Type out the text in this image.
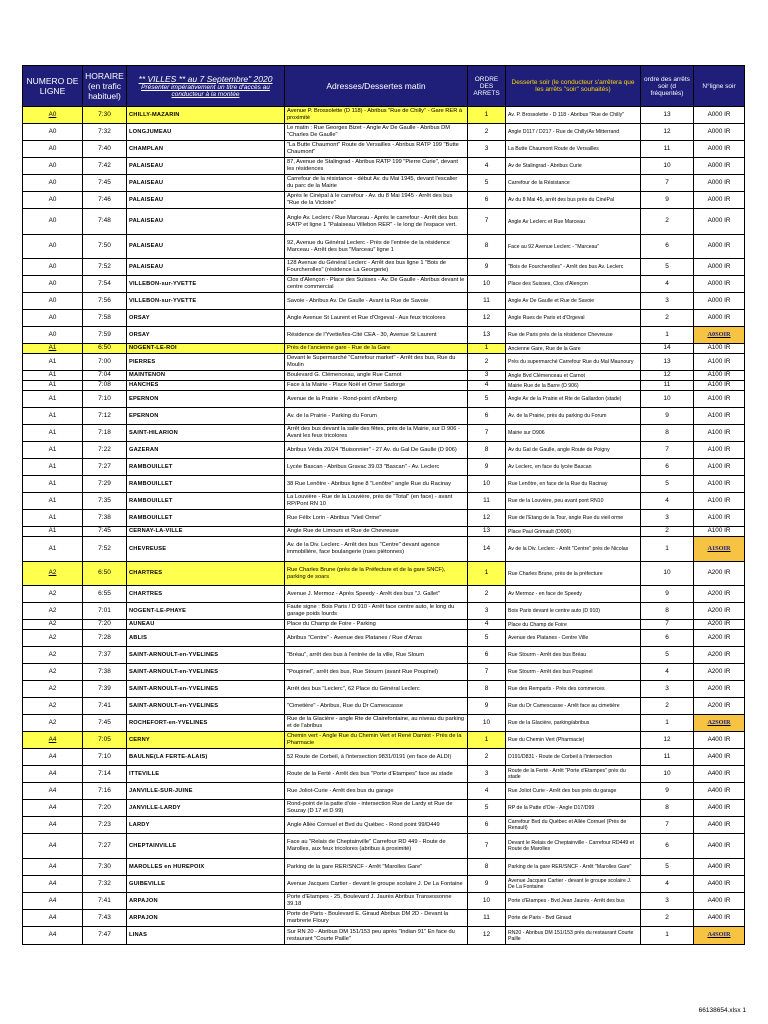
NUMERO DE LIGNE	HORAIRE (en trafic habituel)	** VILLES ** au 7 Septembre" 2020
Présenter impérativement un titre d'accès au conducteur à la montée	Adresses/Dessertes matin	ORDRE DES ARRETS	Desserte soir (le conducteur s'arrêtera que les arrêts "soir" souhaités)	ordre des arrêts soir (d fréquentés)	N°ligne soir
A0	7:30	CHILLY-MAZARIN	Avenue P. Brossolette (D 118) - Abribus "Rue de Chilly" - Gare RER à proximité	1	Av. P. Brossolette - D 118 - Abribus "Rue de Chilly"	13	A000 IR
A0	7:32	LONGJUMEAU	Le matin : Rue Georges Bizet - Angle Av De Gaulle - Abribus DM "Charles De Gaulle"	2	Angle D117 / D217 - Rue de Chilly/Av Mitterrand	12	A000 IR
A0	7:40	CHAMPLAN	"La Butte Chaumont" Route de Versailles - Abribus RATP 199 "Butte Chaumont"	3	La Butte Chaumont Route de Versailles	11	A000 IR
A0	7:42	PALAISEAU	87, Avenue de Stalingrad - Abribus RATP 199 "Pierre Curie", devant les résidences	4	Av de Stalingrad - Abribus Curie	10	A000 IR
A0	7:45	PALAISEAU	Carrefour de la résistance - début Av. du Mai 1945, devant l'escalier du parc de la Mairie	5	Carrefour de la Résistance	7	A000 IR
A0	7:46	PALAISEAU	Après le Cinépal à le carrefour - Av. du 8 Mai 1945 - Arrêt des bus "Rue de la Victoire"	6	Av du 8 Mai 45, arrêt des bus près du CinéPal	9	A000 IR
A0	7:48	PALAISEAU	Angle Av. Leclerc / Rue Marceau - Après le carrefour - Arrêt des bus RATP et ligne 1 "Palaiseau Villebon RER" - le long de l'espace vert.	7	Angle Av Leclerc et Rue Marceau	2	A000 IR
A0	7:50	PALAISEAU	92, Avenue du Général Leclerc - Près de l'entrée de la résidence Marceau - Arrêt des bus "Marceau" ligne 1	8	Face au 92 Avenue Leclerc - "Marceau"	6	A000 IR
A0	7:52	PALAISEAU	128 Avenue du Général Leclerc - Arrêt des bus ligne 1 "Bois de Fourcherolles" (résidence La Georgerie)	9	"Bois de Fourcherolles" - Arrêt des bus Av. Leclerc	5	A000 IR
A0	7:54	VILLEBON-sur-YVETTE	Clos d'Alençon - Place des Suisses - Av. De Gaulle - Abribus devant le centre commercial	10	Place des Suisses, Clos d'Alençon	4	A000 IR
A0	7:56	VILLEBON-sur-YVETTE	Savoie - Abribus Av. De Gaulle - Avant la Rue de Savoie	11	Angle Av De Gaulle et Rue de Savoie	3	A000 IR
A0	7:58	ORSAY	Angle Avenue St Laurent et Rue d'Orgeval - Aux feux tricolores	12	Angle Rues de Paris et d'Orgeval	2	A000 IR
A0	7:59	ORSAY	Résidence de l'Yvette/les-Cité CEA - 30, Avenue St Laurent	13	Rue de Paris près de la résidence Chevreuse	1	A0SOIR
A1	6:50	NOGENT-LE-ROI	Près de l'ancienne gare - Rue de la Gare	1	Ancienne Gare, Rue de la Gare	14	A100 IR
A1	7:00	PIERRES	Devant le Supermarché "Carrefour market" - Arrêt des bus, Rue du Moulin	2	Près du supermarché Carrefour Rue du Mal Maunoury	13	A100 IR
A1	7:04	MAINTENON	Boulevard G. Clémenceau, angle Rue Carnot	3	Angle Bvd Clémenceau et Carnot	12	A100 IR
A1	7:08	HANCHES	Face à la Mairie - Place Noël et Omer Sadorge	4	Mairie Rue de la Barre (D 906)	11	A100 IR
A1	7:10	EPERNON	Avenue de la Prairie - Rond-point d'Amberg	5	Angle Av de la Prairie et Rte de Gallardon (stade)	10	A100 IR
A1	7:12	EPERNON	Av. de la Prairie - Parking du Forum	6	Av. de la Prairie, près du parking du Forum	9	A100 IR
A1	7:18	SAINT-HILARION	Arrêt des bus devant la salle des fêtes, près de la Mairie, sur D 906 - Avant les feux tricolores	7	Mairie sur D906	8	A100 IR
A1	7:22	GAZERAN	Abribus Védia 20/24 "Buisonnier" - 27 Av. du Gal De Gaulle (D 906)	8	Av du Gal de Gaulle, angle Route de Poigny	7	A100 IR
A1	7:27	RAMBOUILLET	Lycée Bascan - Abribus Gravac 39.03 "Bascan" - Av. Leclerc	9	Av Leclerc, en face du lycée Bascan	6	A100 IR
A1	7:29	RAMBOUILLET	38 Rue Lenôtre - Abribus ligne 8 "Lenôtre" angle Rue du Racinay	10	Rue Lenôtre, en face de la Rue du Racinay	5	A100 IR
A1	7:35	RAMBOUILLET	La Louvière - Rue de la Louvière, près de "Total" (en face) - avant RP/Pont RN 10	11	Rue de la Louvière, peu avant pont RN10	4	A100 IR
A1	7:38	RAMBOUILLET	Rue Félix Lorin - Abribus "Vieil Orme"	12	Rue de l'Etang de la Tour, angle Rue du vieil orme	3	A100 IR
A1	7:45	CERNAY-LA-VILLE	Angle Rue de Limours et Rue de Chevreuse	13	Place Paul Grimault (D906)	2	A100 IR
A1	7:52	CHEVREUSE	Av. de la Div. Leclerc - Arrêt des bus "Centre" devant agence immobilière, face boulangerie (rues piétonnes)	14	Av de la Div. Leclerc - Arrêt "Centre" près de Nicolas	1	A1SOIR
A2	6:50	CHARTRES	Rue Charles Brune (près de la Préfecture et de la gare SNCF), parking de soars	1	Rue Charles Brune, près de la préfecture	10	A200 IR
A2	6:55	CHARTRES	Avenue J. Mermoz - Après Speedy - Arrêt des bus "J. Gallet"	2	Av Mermoz - en face de Speedy	9	A200 IR
A2	7:01	NOGENT-LE-PHAYE	Faute signe : Bois Paris / D 910 - Arrêt face centre auto, le long du garage poids lourds	3	Bois Paris devant le centre auto (D 910)	8	A200 IR
A2	7:20	AUNEAU	Place du Champ de Foire - Parking	4	Place du Champ de Foire	7	A200 IR
A2	7:28	ABLIS	Abribus "Centre" - Avenue des Platanes / Rue d'Arras	5	Avenue des Platanes - Centre Ville	6	A200 IR
A2	7:37	SAINT-ARNOULT-en-YVELINES	"Bréau", arrêt des bus à l'entrée de la ville, Rue Sloum	6	Rue Stourm - Arrêt des bus Bréau	5	A200 IR
A2	7:38	SAINT-ARNOULT-en-YVELINES	"Poupinel", arrêt des bus, Rue Stourm (avant Rue Poupinel)	7	Rue Stourm - Arrêt des bus Poupinel	4	A200 IR
A2	7:39	SAINT-ARNOULT-en-YVELINES	Arrêt des bus "Leclerc", 62 Place du Général Leclerc	8	Rue des Remparts - Près des commerces	3	A200 IR
A2	7:41	SAINT-ARNOULT-en-YVELINES	"Cimetière" - Abribus, Rue du Dr Camescasse	9	Rue du Dr Camescasse - Arrêt face au cimetière	2	A200 IR
A2	7:45	ROCHEFORT-en-YVELINES	Rue de la Glacière - angle Rte de Clairefontaine, au niveau du parking et de l'abribus	10	Rue de la Glacière, parking/abribus	1	A2SOIR
A4	7:05	CERNY	Chemin vert - Angle Rue du Chemin Vert et René Damiot - Près de la Pharmacie	1	Rue du Chemin Vert (Pharmacie)	12	A400 IR
A4	7:10	BAULNE(LA FERTE-ALAIS)	52 Route de Corbeil, à l'intersection 9831/0191 (en face de ALDI)	2	D191/D831 - Route de Corbeil à l'intersection	11	A400 IR
A4	7:14	ITTEVILLE	Route de la Ferté - Arrêt des bus "Porte d'Etampes" face au stade	3	Route de la Ferté - Arrêt "Porte d'Etampes" près du stade	10	A400 IR
A4	7:16	JANVILLE-SUR-JUINE	Rue Joliot-Curie - Arrêt des bus du garage	4	Rue Joliot Curie - Arrêt des bus près du garage	9	A400 IR
A4	7:20	JANVILLE-LARDY	Rond-point de la patte d'oie - intersection Rue de Lardy et Rue de Souzay (D 17 et D 99)	5	RP de la Patte d'Oie - Angle D17/D99	8	A400 IR
A4	7:23	LARDY	Angle Allée Cornuel et Bvd du Québec - Rond point 99/D449	6	Carrefour Bvd du Québec et Allée Cornuel (Près de Renault)	7	A400 IR
A4	7:27	CHEPTAINVILLE	Face au "Relais de Cheptainville" Carrefour RD 449 - Route de Marolles, aux feux tricolores (abribus à proximité)	7	Devant le Relais de Cheptainville - Carrefour RD449 et Route de Marolles	6	A400 IR
A4	7:30	MAROLLES en HUREPOIX	Parking de la gare RER/SNCF - Arrêt "Marolles Gare"	8	Parking de la gare RER/SNCF - Arrêt "Marolles Gare"	5	A400 IR
A4	7:32	GUIBEVILLE	Avenue Jacques Cartier - devant le groupe scolaire J. De La Fontaine	9	Avenue Jacques Cartier - devant le groupe scolaire J. De La Fontaine	4	A400 IR
A4	7:41	ARPAJON	Porte d'Etampes - 25, Boulevard J. Jaurès Abribus Transessonne 39.18	10	Porte d'Etampes - Bvd Jean Jaurès - Arrêt des bus	3	A400 IR
A4	7:43	ARPAJON	Porte de Paris - Boulevard E. Giraud Abribus DM 2D - Devant la marbrerie Floury	11	Porte de Paris - Bvd Giraud	2	A400 IR
A4	7:47	LINAS	Sur RN 20 - Abribus DM 151/153 peu après "Indian 91" En face du restaurant "Courte Paille"	12	RN20 - Abribus DM 151/153 près du restaurant Courte Paille	1	A4SOIR
66138654.xlsx 1
